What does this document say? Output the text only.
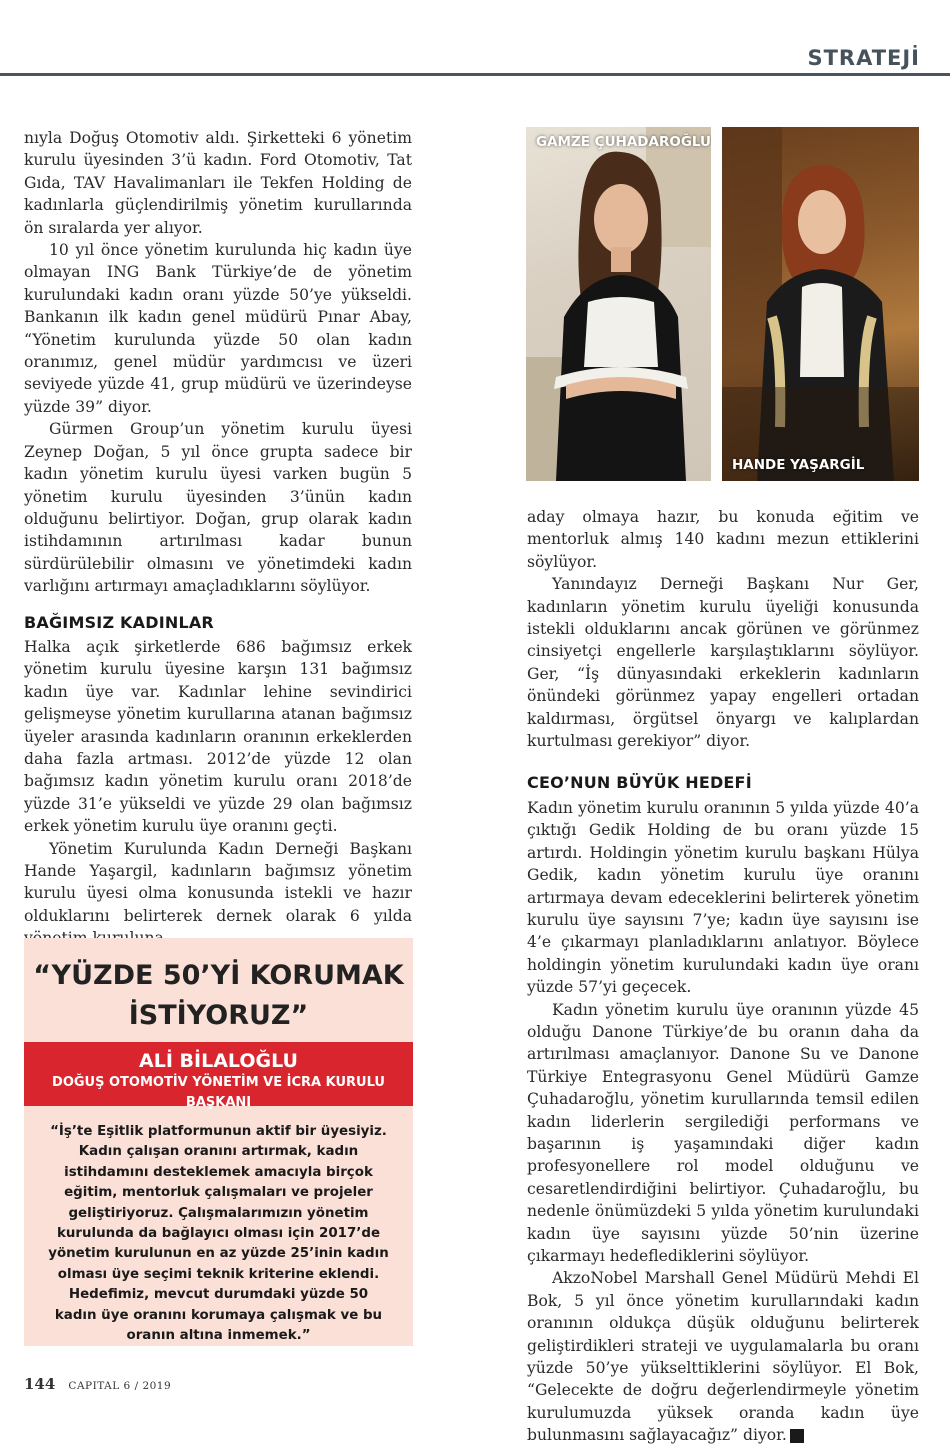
STRATEJİ

nıyla Doğuş Otomotiv aldı. Şirketteki 6 yönetim kurulu üyesinden 3’ü kadın. Ford Otomotiv, Tat Gıda, TAV Havalimanları ile Tekfen Holding de kadınlarla güçlendirilmiş yönetim kurullarında ön sıralarda yer alıyor.

10 yıl önce yönetim kurulunda hiç kadın üye olmayan ING Bank Türkiye’de de yönetim kurulundaki kadın oranı yüzde 50’ye yükseldi. Bankanın ilk kadın genel müdürü Pınar Abay, “Yönetim kurulunda yüzde 50 olan kadın oranımız, genel müdür yardımcısı ve üzeri seviyede yüzde 41, grup müdürü ve üzerindeyse yüzde 39” diyor.

Gürmen Group’un yönetim kurulu üyesi Zeynep Doğan, 5 yıl önce grupta sadece bir kadın yönetim kurulu üyesi varken bugün 5 yönetim kurulu üyesinden 3’ünün kadın olduğunu belirtiyor. Doğan, grup olarak kadın istihdamının artırılması kadar bunun sürdürülebilir olmasını ve yönetimdeki kadın varlığını artırmayı amaçladıklarını söylüyor.

BAĞIMSIZ KADINLAR

Halka açık şirketlerde 686 bağımsız erkek yönetim kurulu üyesine karşın 131 bağımsız kadın üye var. Kadınlar lehine sevindirici gelişmeyse yönetim kurullarına atanan bağımsız üyeler arasında kadınların oranının erkeklerden daha fazla artması. 2012’de yüzde 12 olan bağımsız kadın yönetim kurulu oranı 2018’de yüzde 31’e yükseldi ve yüzde 29 olan bağımsız erkek yönetim kurulu üye oranını geçti.

Yönetim Kurulunda Kadın Derneği Başkanı Hande Yaşargil, kadınların bağımsız yönetim kurulu üyesi olma konusunda istekli ve hazır olduklarını belirterek dernek olarak 6 yılda

GAMZE ÇUHADAROĞLU
HANDE YAŞARGİL

aday olmaya hazır, bu konuda eğitim ve mentorluk almış 140 kadını mezun ettiklerini söylüyor.

Yanındayız Derneği Başkanı Nur Ger, kadınların yönetim kurulu üyeliği konusunda istekli olduklarını ancak görünen ve görünmez cinsiyetçi engellerle karşılaştıklarını söylüyor. Ger, “İş dünyasındaki erkeklerin kadınların önündeki görünmez yapay engelleri ortadan kaldırması, örgütsel önyargı ve kalıplardan kurtulması gerekiyor” diyor.

CEO’NUN BÜYÜK HEDEFİ

Kadın yönetim kurulu oranının 5 yılda yüzde 40’a çıktığı Gedik Holding de bu oranı yüzde 15 artırdı. Holdingin yönetim kurulu başkanı Hülya Gedik, kadın yönetim kurulu üye oranını artırmaya devam edeceklerini belirterek yönetim kurulu üye sayısını 7’ye; kadın üye sayısını ise 4’e çıkarmayı planladıklarını anlatıyor. Böylece holdingin yönetim kurulundaki kadın üye oranı yüzde 57’yi geçecek.

Kadın yönetim kurulu üye oranının yüzde 45 olduğu Danone Türkiye’de bu oranın daha da artırılması amaçlanıyor. Danone Su ve Danone Türkiye Entegrasyonu Genel Müdürü Gamze Çuhadaroğlu, yönetim kurullarında temsil edilen kadın liderlerin sergilediği performans ve başarının iş yaşamındaki diğer kadın profesyonellere rol model olduğunu ve cesaretlendirdiğini belirtiyor. Çuhadaroğlu, bu nedenle önümüzdeki 5 yılda yönetim kurulundaki kadın üye sayısını yüzde 50’nin üzerine çıkarmayı hedeflediklerini söylüyor.

AkzoNobel Marshall Genel Müdürü Mehdi El Bok, 5 yıl önce yönetim kurullarındaki kadın oranının oldukça düşük olduğunu belirterek geliştirdikleri strateji ve uygulamalarla bu oranı yüzde 50’ye yükselttiklerini söylüyor. El Bok, “Gelecekte de doğru değerlendirmeyle yönetim kurulumuzda yüksek oranda kadın üye bulunmasını sağlayacağız” diyor.	C

“YÜZDE 50’Yİ KORUMAK İSTİYORUZ”
ALİ BİLALOĞLU
DOĞUŞ OTOMOTİV YÖNETİM VE İCRA KURULU BAŞKANI
“İş’te Eşitlik platformunun aktif bir üyesiyiz. Kadın çalışan oranını artırmak, kadın istihdamını desteklemek amacıyla birçok eğitim, mentorluk çalışmaları ve projeler geliştiriyoruz. Çalışmalarımızın yönetim kurulunda da bağlayıcı olması için 2017’de yönetim kurulunun en az yüzde 25’inin kadın olması üye seçimi teknik kriterine eklendi. Hedefimiz, mevcut durumdaki yüzde 50 kadın üye oranını korumaya çalışmak ve bu oranın altına inmemek.”
144 CAPITAL 6 / 2019
